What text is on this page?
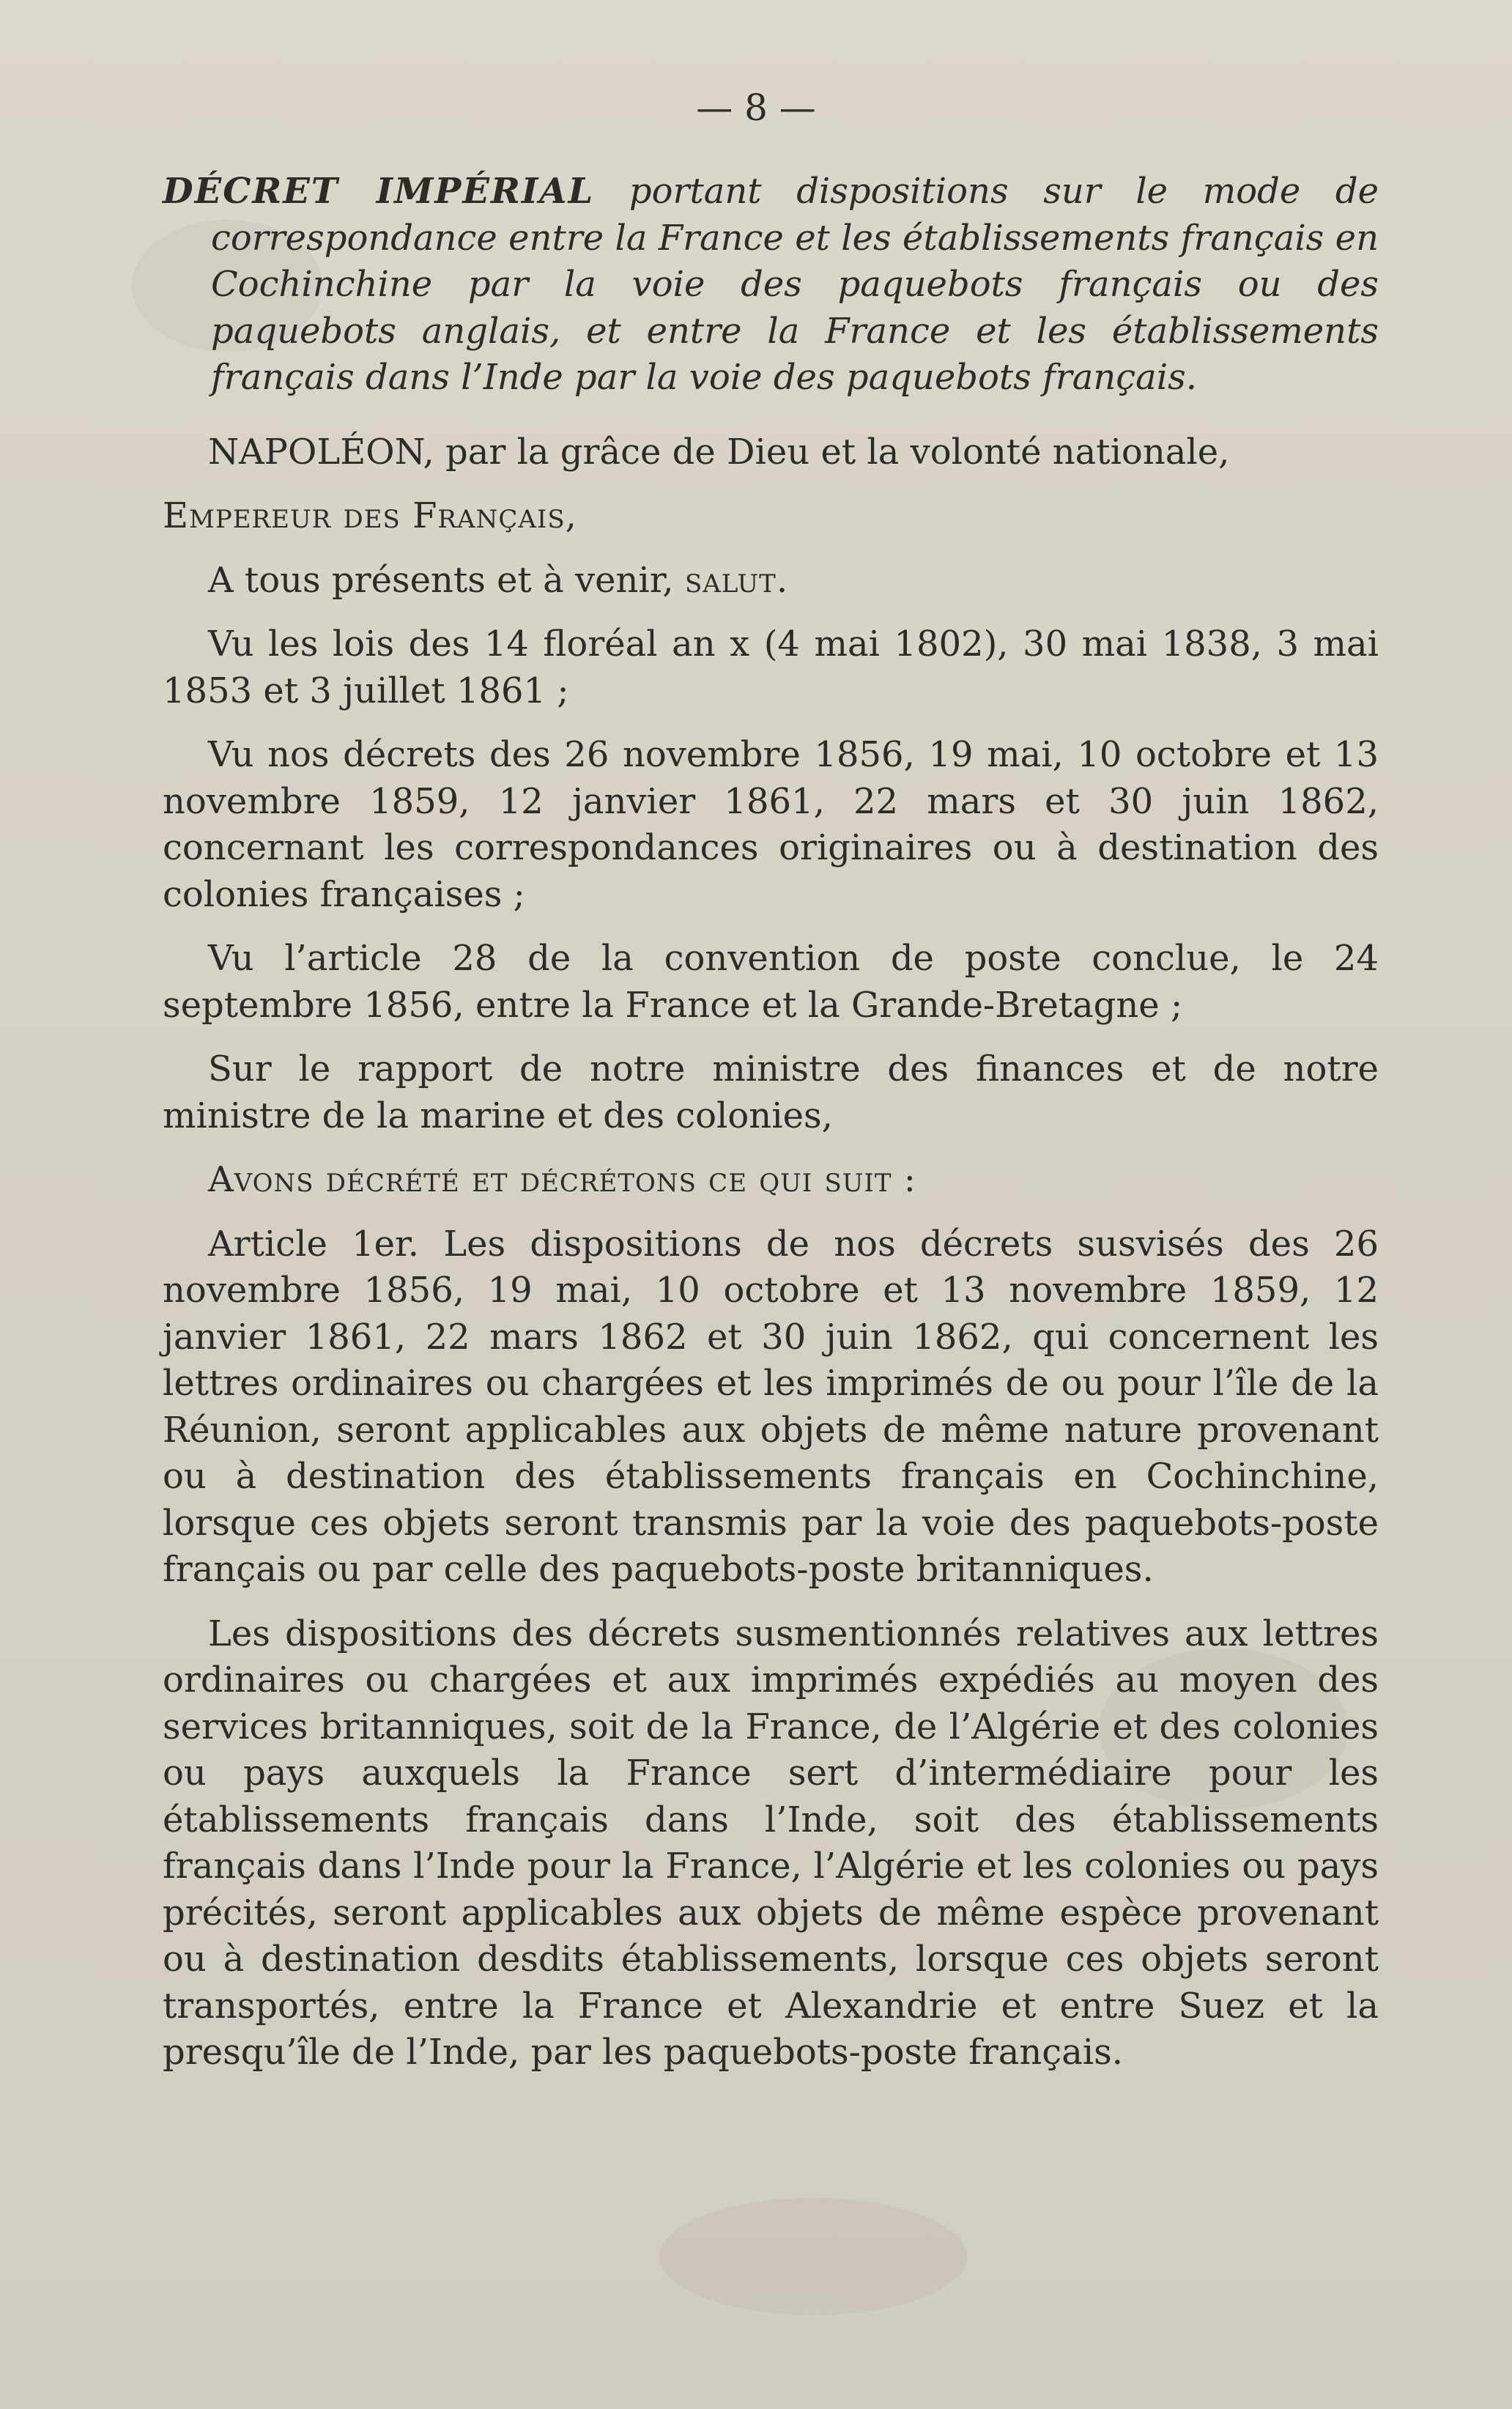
— 8 —
DÉCRET IMPÉRIAL portant dispositions sur le mode de correspondance entre la France et les établissements français en Cochinchine par la voie des paquebots français ou des paquebots anglais, et entre la France et les établissements français dans l’Inde par la voie des paquebots français.

NAPOLÉON, par la grâce de Dieu et la volonté nationale,

Empereur des Français,

A tous présents et à venir, salut.

Vu les lois des 14 floréal an x (4 mai 1802), 30 mai 1838, 3 mai 1853 et 3 juillet 1861 ;

Vu nos décrets des 26 novembre 1856, 19 mai, 10 octobre et 13 novembre 1859, 12 janvier 1861, 22 mars et 30 juin 1862, concernant les correspondances originaires ou à destination des colonies françaises ;

Vu l’article 28 de la convention de poste conclue, le 24 septembre 1856, entre la France et la Grande-Bretagne ;

Sur le rapport de notre ministre des finances et de notre ministre de la marine et des colonies,

Avons décrété et décrétons ce qui suit :

Article 1er. Les dispositions de nos décrets susvisés des 26 novembre 1856, 19 mai, 10 octobre et 13 novembre 1859, 12 janvier 1861, 22 mars 1862 et 30 juin 1862, qui concernent les lettres ordinaires ou chargées et les imprimés de ou pour l’île de la Réunion, seront applicables aux objets de même nature provenant ou à destination des établissements français en Cochinchine, lorsque ces objets seront transmis par la voie des paquebots-poste français ou par celle des paquebots-poste britanniques.

Les dispositions des décrets susmentionnés relatives aux lettres ordinaires ou chargées et aux imprimés expédiés au moyen des services britanniques, soit de la France, de l’Algérie et des colonies ou pays auxquels la France sert d’intermédiaire pour les établissements français dans l’Inde, soit des établissements français dans l’Inde pour la France, l’Algérie et les colonies ou pays précités, seront applicables aux objets de même espèce provenant ou à destination desdits établissements, lorsque ces objets seront transportés, entre la France et Alexandrie et entre Suez et la presqu’île de l’Inde, par les paquebots-poste français.
